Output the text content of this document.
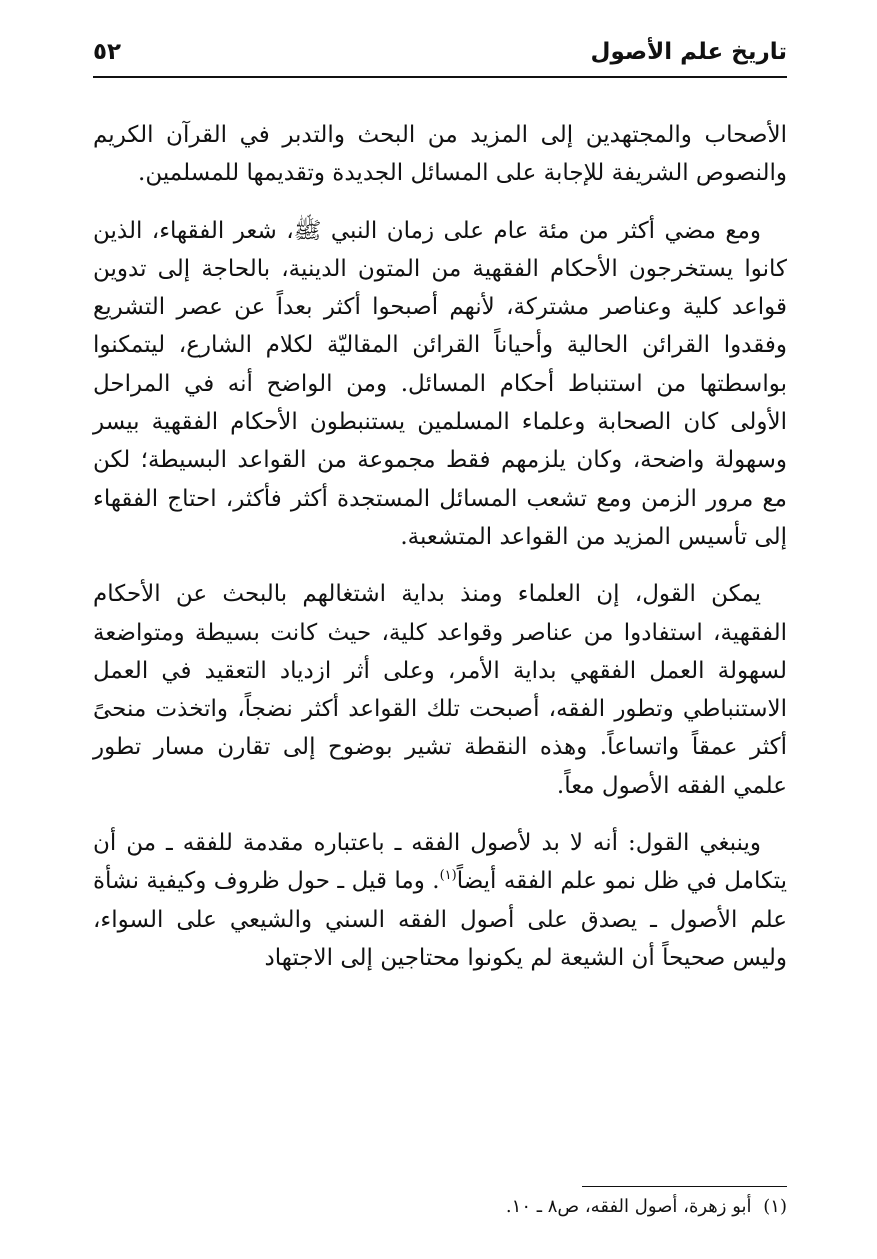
تاريخ علم الأصول
٥٢

الأصحاب والمجتهدين إلى المزيد من البحث والتدبر في القرآن الكريم والنصوص الشريفة للإجابة على المسائل الجديدة وتقديمها للمسلمين.

ومع مضي أكثر من مئة عام على زمان النبي ﷺ، شعر الفقهاء، الذين كانوا يستخرجون الأحكام الفقهية من المتون الدينية، بالحاجة إلى تدوين قواعد كلية وعناصر مشتركة، لأنهم أصبحوا أكثر بعداً عن عصر التشريع وفقدوا القرائن الحالية وأحياناً القرائن المقاليّة لكلام الشارع، ليتمكنوا بواسطتها من استنباط أحكام المسائل. ومن الواضح أنه في المراحل الأولى كان الصحابة وعلماء المسلمين يستنبطون الأحكام الفقهية بيسر وسهولة واضحة، وكان يلزمهم فقط مجموعة من القواعد البسيطة؛ لكن مع مرور الزمن ومع تشعب المسائل المستجدة أكثر فأكثر، احتاج الفقهاء إلى تأسيس المزيد من القواعد المتشعبة.

يمكن القول، إن العلماء ومنذ بداية اشتغالهم بالبحث عن الأحكام الفقهية، استفادوا من عناصر وقواعد كلية، حيث كانت بسيطة ومتواضعة لسهولة العمل الفقهي بداية الأمر، وعلى أثر ازدياد التعقيد في العمل الاستنباطي وتطور الفقه، أصبحت تلك القواعد أكثر نضجاً، واتخذت منحىً أكثر عمقاً واتساعاً. وهذه النقطة تشير بوضوح إلى تقارن مسار تطور علمي الفقه الأصول معاً.

وينبغي القول: أنه لا بد لأصول الفقه ـ باعتباره مقدمة للفقه ـ من أن يتكامل في ظل نمو علم الفقه أيضاً$^{(١)}$. وما قيل ـ حول ظروف وكيفية نشأة علم الأصول ـ يصدق على أصول الفقه السني والشيعي على السواء، وليس صحيحاً أن الشيعة لم يكونوا محتاجين إلى الاجتهاد

(١) أبو زهرة، أصول الفقه، ص٨ ـ ١٠.
